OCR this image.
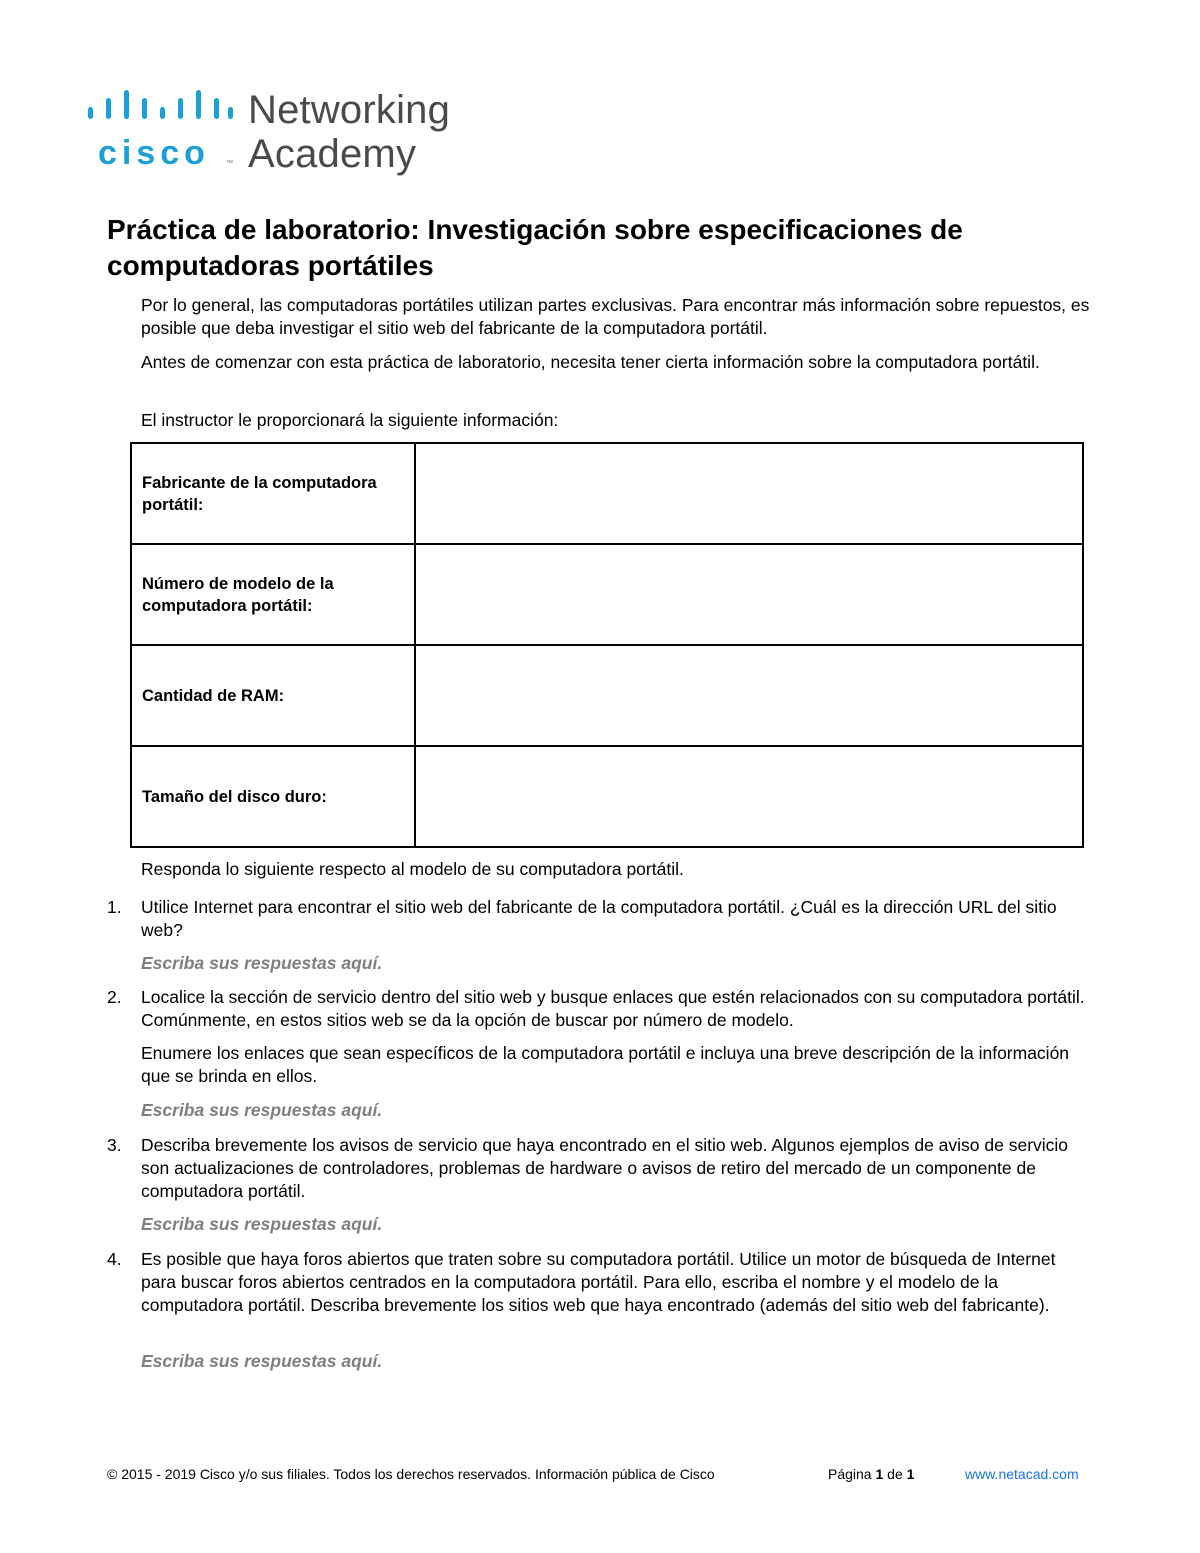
cisco ™
Networking
Academy
Práctica de laboratorio: Investigación sobre especificaciones de computadoras portátiles

Por lo general, las computadoras portátiles utilizan partes exclusivas. Para encontrar más información sobre repuestos, es posible que deba investigar el sitio web del fabricante de la computadora portátil.

Antes de comenzar con esta práctica de laboratorio, necesita tener cierta información sobre la computadora portátil.

El instructor le proporcionará la siguiente información:

Fabricante de la computadora portátil:	
Número de modelo de la computadora portátil:	
Cantidad de RAM:	
Tamaño del disco duro:	

Responda lo siguiente respecto al modelo de su computadora portátil.

1. Utilice Internet para encontrar el sitio web del fabricante de la computadora portátil. ¿Cuál es la dirección URL del sitio web?

Escriba sus respuestas aquí.

2. Localice la sección de servicio dentro del sitio web y busque enlaces que estén relacionados con su computadora portátil. Comúnmente, en estos sitios web se da la opción de buscar por número de modelo.

Enumere los enlaces que sean específicos de la computadora portátil e incluya una breve descripción de la información que se brinda en ellos.

Escriba sus respuestas aquí.

3. Describa brevemente los avisos de servicio que haya encontrado en el sitio web. Algunos ejemplos de aviso de servicio son actualizaciones de controladores, problemas de hardware o avisos de retiro del mercado de un componente de computadora portátil.

Escriba sus respuestas aquí.

4. Es posible que haya foros abiertos que traten sobre su computadora portátil. Utilice un motor de búsqueda de Internet para buscar foros abiertos centrados en la computadora portátil. Para ello, escriba el nombre y el modelo de la computadora portátil. Describa brevemente los sitios web que haya encontrado (además del sitio web del fabricante).

Escriba sus respuestas aquí.

© 2015 - 2019 Cisco y/o sus filiales. Todos los derechos reservados. Información pública de Cisco	Página 1 de 1	www.netacad.com
